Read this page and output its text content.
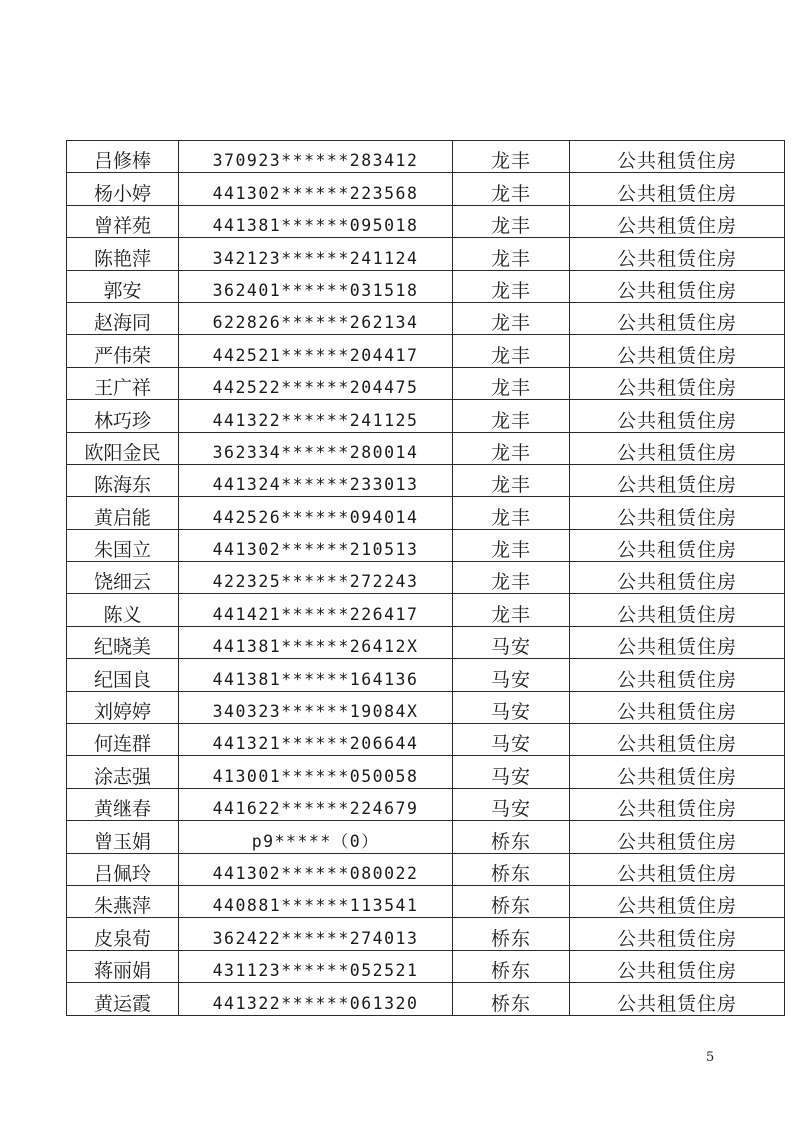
吕修棒	370923******283412	龙丰	公共租赁住房
杨小婷	441302******223568	龙丰	公共租赁住房
曾祥苑	441381******095018	龙丰	公共租赁住房
陈艳萍	342123******241124	龙丰	公共租赁住房
郭安	362401******031518	龙丰	公共租赁住房
赵海同	622826******262134	龙丰	公共租赁住房
严伟荣	442521******204417	龙丰	公共租赁住房
王广祥	442522******204475	龙丰	公共租赁住房
林巧珍	441322******241125	龙丰	公共租赁住房
欧阳金民	362334******280014	龙丰	公共租赁住房
陈海东	441324******233013	龙丰	公共租赁住房
黄启能	442526******094014	龙丰	公共租赁住房
朱国立	441302******210513	龙丰	公共租赁住房
饶细云	422325******272243	龙丰	公共租赁住房
陈义	441421******226417	龙丰	公共租赁住房
纪晓美	441381******26412X	马安	公共租赁住房
纪国良	441381******164136	马安	公共租赁住房
刘婷婷	340323******19084X	马安	公共租赁住房
何连群	441321******206644	马安	公共租赁住房
涂志强	413001******050058	马安	公共租赁住房
黄继春	441622******224679	马安	公共租赁住房
曾玉娟	p9*****（0）	桥东	公共租赁住房
吕佩玲	441302******080022	桥东	公共租赁住房
朱燕萍	440881******113541	桥东	公共租赁住房
皮泉荀	362422******274013	桥东	公共租赁住房
蒋丽娟	431123******052521	桥东	公共租赁住房
黄运霞	441322******061320	桥东	公共租赁住房
5
